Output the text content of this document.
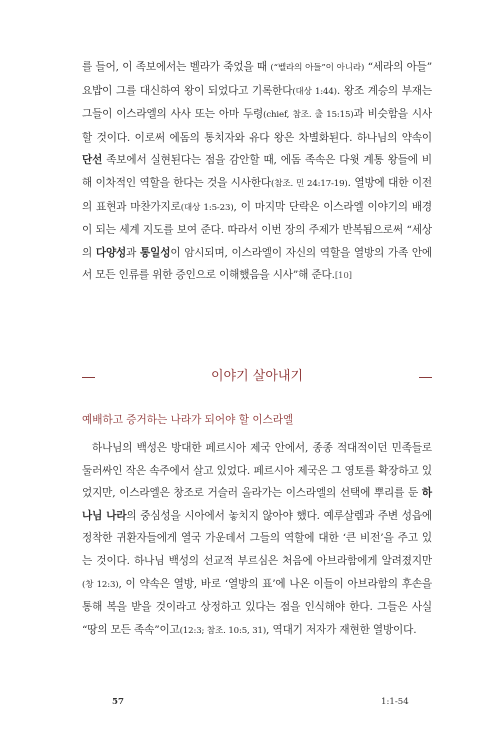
를 들어, 이 족보에서는 벨라가 죽었을 때 (“벨라의 아들”이 아니라) “세라의 아들” 요밥이 그를 대신하여 왕이 되었다고 기록한다(대상 1:44). 왕조 계승의 부재는 그들이 이스라엘의 사사 또는 아마 두령(chief, 참조. 출 15:15)과 비슷함을 시사할 것이다. 이로써 에돔의 통치자와 유다 왕은 차별화된다. 하나님의 약속이 단선 족보에서 실현된다는 점을 감안할 때, 에돔 족속은 다윗 계통 왕들에 비해 이차적인 역할을 한다는 것을 시사한다(참조. 민 24:17-19). 열방에 대한 이전의 표현과 마찬가지로(대상 1:5-23), 이 마지막 단락은 이스라엘 이야기의 배경이 되는 세계 지도를 보여 준다. 따라서 이번 장의 주제가 반복됨으로써 “세상의 다양성과 통일성이 암시되며, 이스라엘이 자신의 역할을 열방의 가족 안에서 모든 인류를 위한 증인으로 이해했음을 시사”해 준다.[10]

이야기 살아내기
예배하고 증거하는 나라가 되어야 할 이스라엘

하나님의 백성은 방대한 페르시아 제국 안에서, 종종 적대적이던 민족들로 둘러싸인 작은 속주에서 살고 있었다. 페르시아 제국은 그 영토를 확장하고 있었지만, 이스라엘은 창조로 거슬러 올라가는 이스라엘의 선택에 뿌리를 둔 하나님 나라의 중심성을 시아에서 놓치지 않아야 했다. 예루살렘과 주변 성읍에 정착한 귀환자들에게 열국 가운데서 그들의 역할에 대한 ‘큰 비전’을 주고 있는 것이다. 하나님 백성의 선교적 부르심은 처음에 아브라함에게 알려졌지만(창 12:3), 이 약속은 열방, 바로 ‘열방의 표’에 나온 이들이 아브라함의 후손을 통해 복을 받을 것이라고 상정하고 있다는 점을 인식해야 한다. 그들은 사실 “땅의 모든 족속”이고(12:3; 참조. 10:5, 31), 역대기 저자가 재현한 열방이다.

57	1:1-54
